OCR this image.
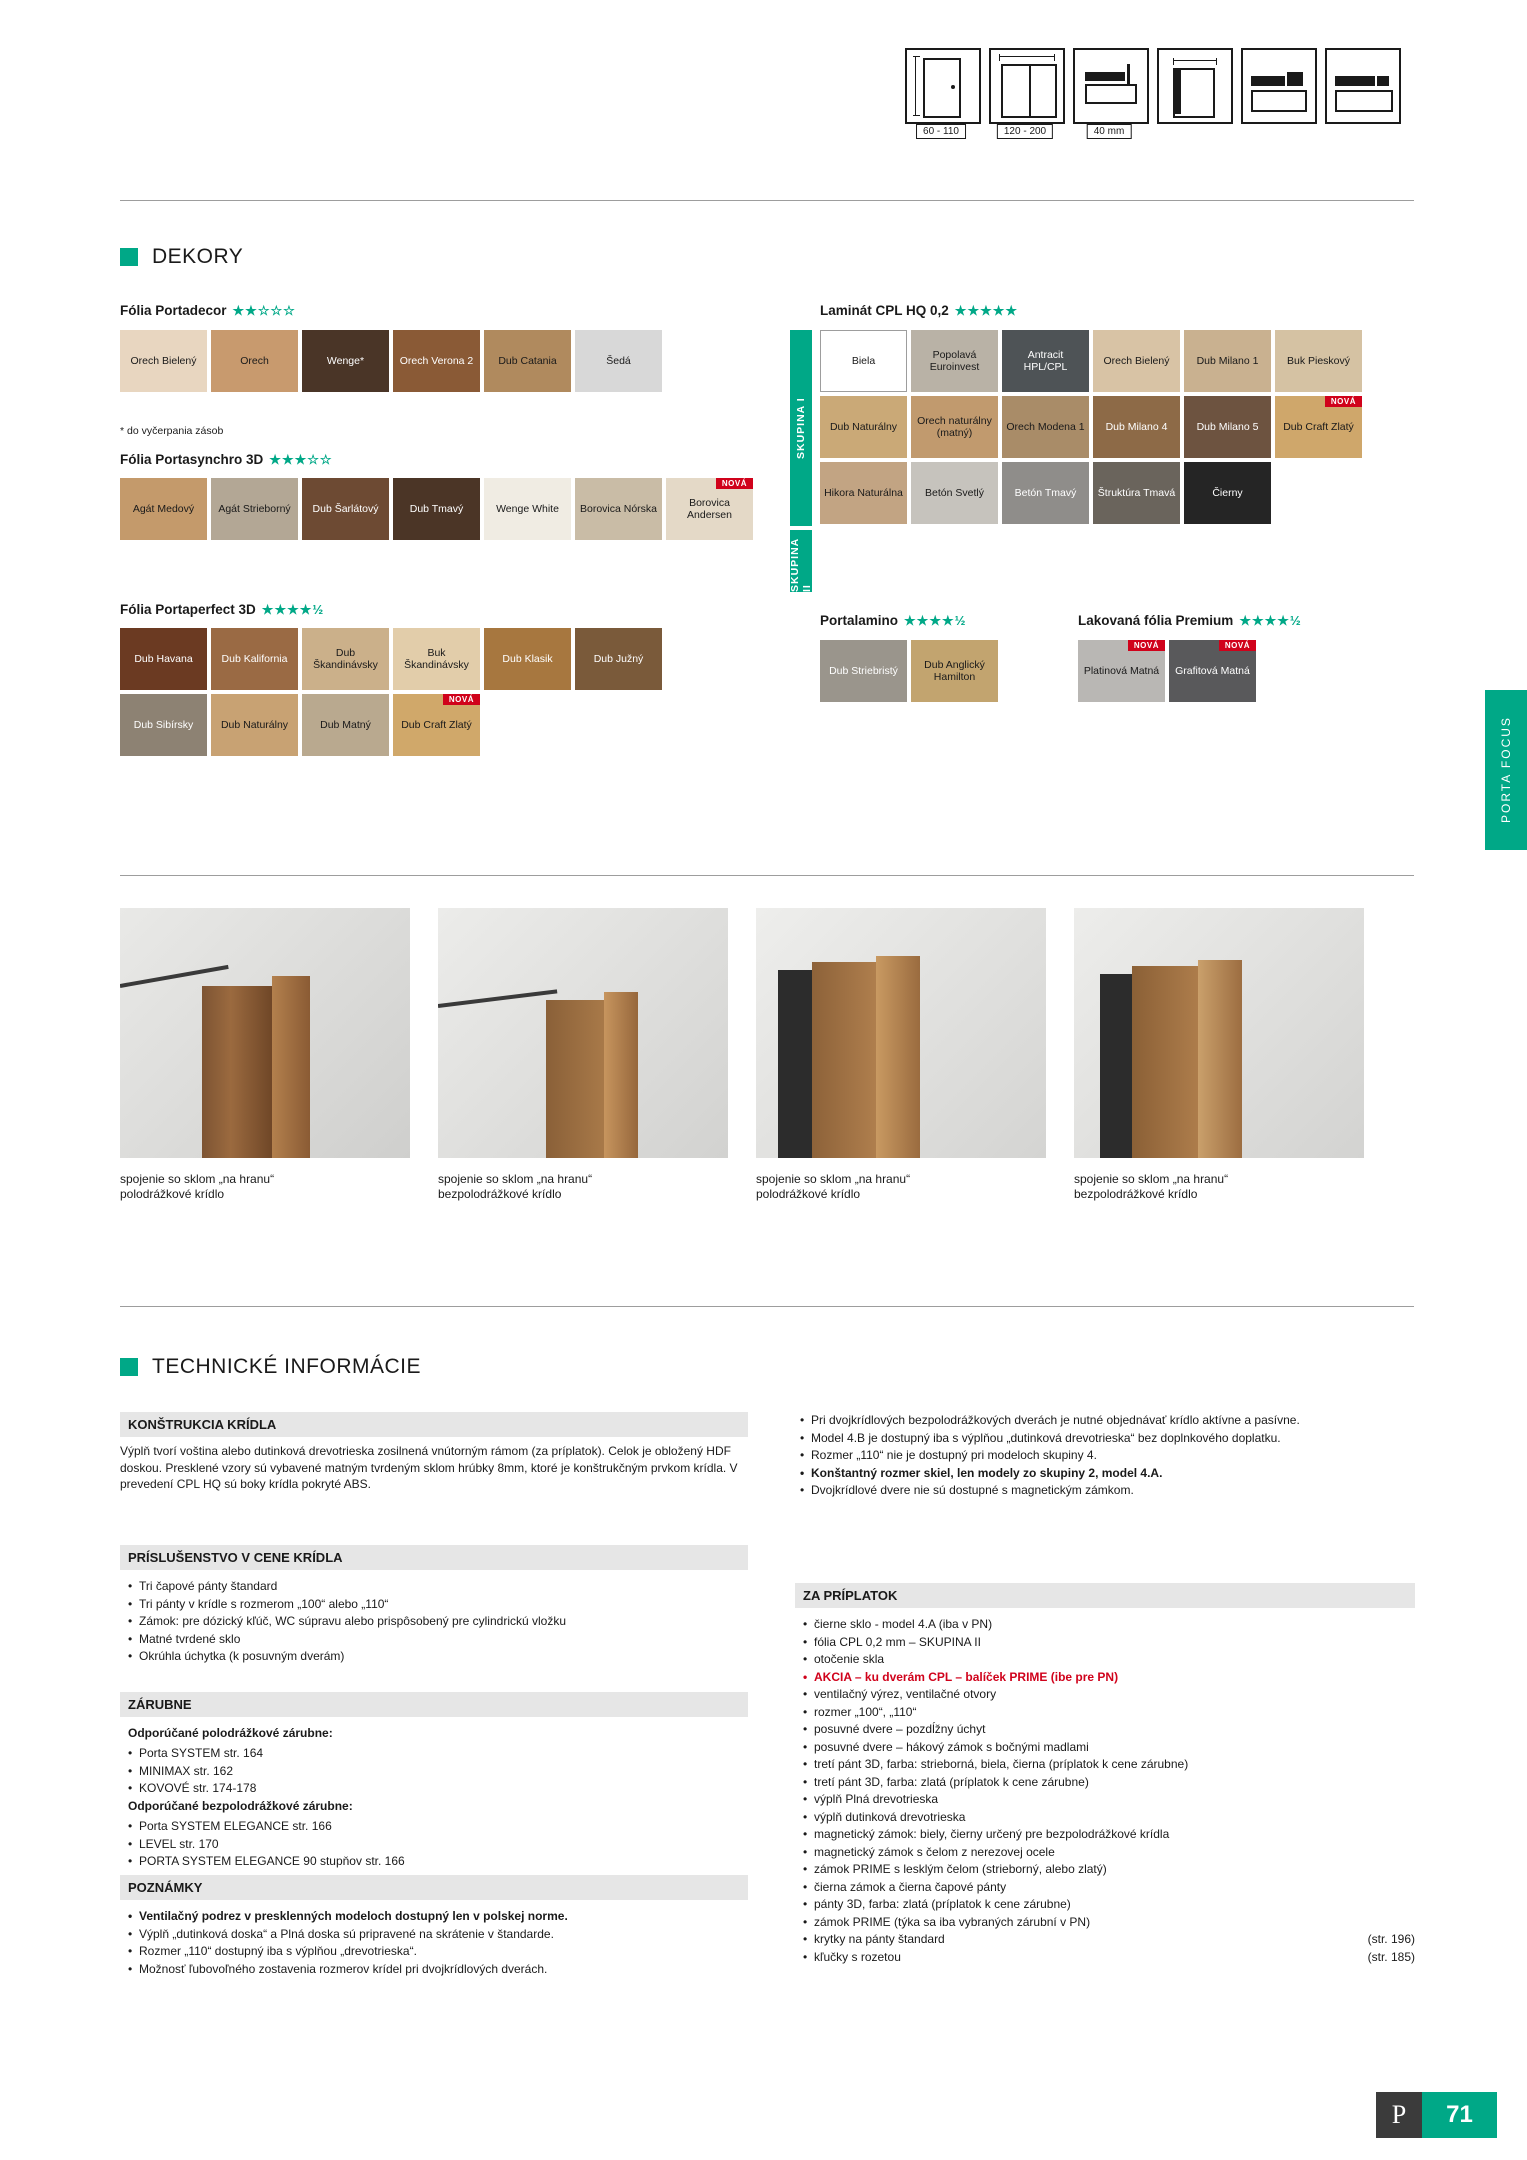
60 - 110	120 - 200	40 mm
DEKORY
Fólia Portadecor ★★☆☆☆
Orech Bielený	Orech	Wenge*	Orech Verona 2 Dub Catania	Šedá
* do vyčerpania zásob
Fólia Portasynchro 3D ★★★☆☆
Agát Medový Agát Strieborný Dub Šarlátový	Dub Tmavý	Wenge White Borovica Nórska
NOVÁ
Borovica Andersen
Fólia Portaperfect 3D ★★★★½
Dub Havana	Dub Kalifornia	Dub Škandinávsky
Buk Škandinávsky	Dub Klasik	Dub Južný
Dub Sibírsky	Dub Naturálny	Dub Matný
NOVÁ
Dub Craft Zlatý
Laminát CPL HQ 0,2 ★★★★★
SKUPINA I
SKUPINA II
Biela	Popolavá Euroinvest
Antracit HPL/CPL	Orech Bielený	Dub Milano 1	Buk Pieskový
Dub Naturálny	Orech naturálny (matný)	Orech Modena 1 Dub Milano 4	Dub Milano 5
NOVÁ
Dub Craft Zlatý
Hikora Naturálna Betón Svetlý	Betón Tmavý Štruktúra Tmavá	Čierny
Portalamino ★★★★½
Dub Striebristý	Dub Anglický Hamilton
Lakovaná fólia Premium ★★★★½
NOVÁ
Platinová Matná
NOVÁ
Grafitová Matná
PORTA FOCUS
spojenie so sklom „na hranu“
polodrážkové krídlo
spojenie so sklom „na hranu“
bezpolodrážkové krídlo
spojenie so sklom „na hranu“
polodrážkové krídlo
spojenie so sklom „na hranu“
bezpolodrážkové krídlo
TECHNICKÉ INFORMÁCIE
KONŠTRUKCIA KRÍDLA
Výplň tvorí voština alebo dutinková drevotrieska zosilnená vnútorným rámom (za príplatok). Celok je obložený HDF doskou. Presklené vzory sú vybavené matným tvrdeným sklom hrúbky 8mm, ktoré je konštrukčným prvkom krídla. V prevedení CPL HQ sú boky krídla pokryté ABS.
PRÍSLUŠENSTVO V CENE KRÍDLA
• Tri čapové pánty štandard
• Tri pánty v krídle s rozmerom „100“ alebo „110“
• Zámok: pre dózický kľúč, WC súpravu alebo prispôsobený pre cylindrickú vložku
• Matné tvrdené sklo
• Okrúhla úchytka (k posuvným dverám)
ZÁRUBNE
Odporúčané polodrážkové zárubne:
• Porta SYSTEM str. 164
• MINIMAX str. 162
• KOVOVÉ str. 174-178
Odporúčané bezpolodrážkové zárubne:
• Porta SYSTEM ELEGANCE str. 166
• LEVEL str. 170
• PORTA SYSTEM ELEGANCE 90 stupňov str. 166
POZNÁMKY
• Ventilačný podrez v presklenných modeloch dostupný len v polskej norme.
• Výplň „dutinková doska“ a Plná doska sú pripravené na skrátenie v štandarde.
• Rozmer „110“ dostupný iba s výplňou „drevotrieska“.
• Možnosť ľubovoľného zostavenia rozmerov krídel pri dvojkrídlových dverách.
• Pri dvojkrídlových bezpolodrážkových dverách je nutné objednávať krídlo aktívne a pasívne.
• Model 4.B je dostupný iba s výplňou „dutinková drevotrieska“ bez doplnkového doplatku.
• Rozmer „110“ nie je dostupný pri modeloch skupiny 4.
• Konštantný rozmer skiel, len modely zo skupiny 2, model 4.A.
• Dvojkrídlové dvere nie sú dostupné s magnetickým zámkom.
ZA PRÍPLATOK
• čierne sklo - model 4.A (iba v PN)
• fólia CPL 0,2 mm – SKUPINA II
• otočenie skla
• AKCIA – ku dverám CPL – balíček PRIME (ibe pre PN)
• ventilačný výrez, ventilačné otvory
• rozmer „100“, „110“
• posuvné dvere – pozdĺžny úchyt
• posuvné dvere – hákový zámok s bočnými madlami
• tretí pánt 3D, farba: strieborná, biela, čierna (príplatok k cene zárubne)
• tretí pánt 3D, farba: zlatá (príplatok k cene zárubne)
• výplň Plná drevotrieska
• výplň dutinková drevotrieska
• magnetický zámok: biely, čierny určený pre bezpolodrážkové krídla
• magnetický zámok s čelom z nerezovej ocele
• zámok PRIME s lesklým čelom (strieborný, alebo zlatý)
• čierna zámok a čierna čapové pánty
• pánty 3D, farba: zlatá (príplatok k cene zárubne)
• zámok PRIME (týka sa iba vybraných zárubní v PN)
• krytky na pánty štandard	(str. 196)
• kľučky s rozetou	(str. 185)
P	71
